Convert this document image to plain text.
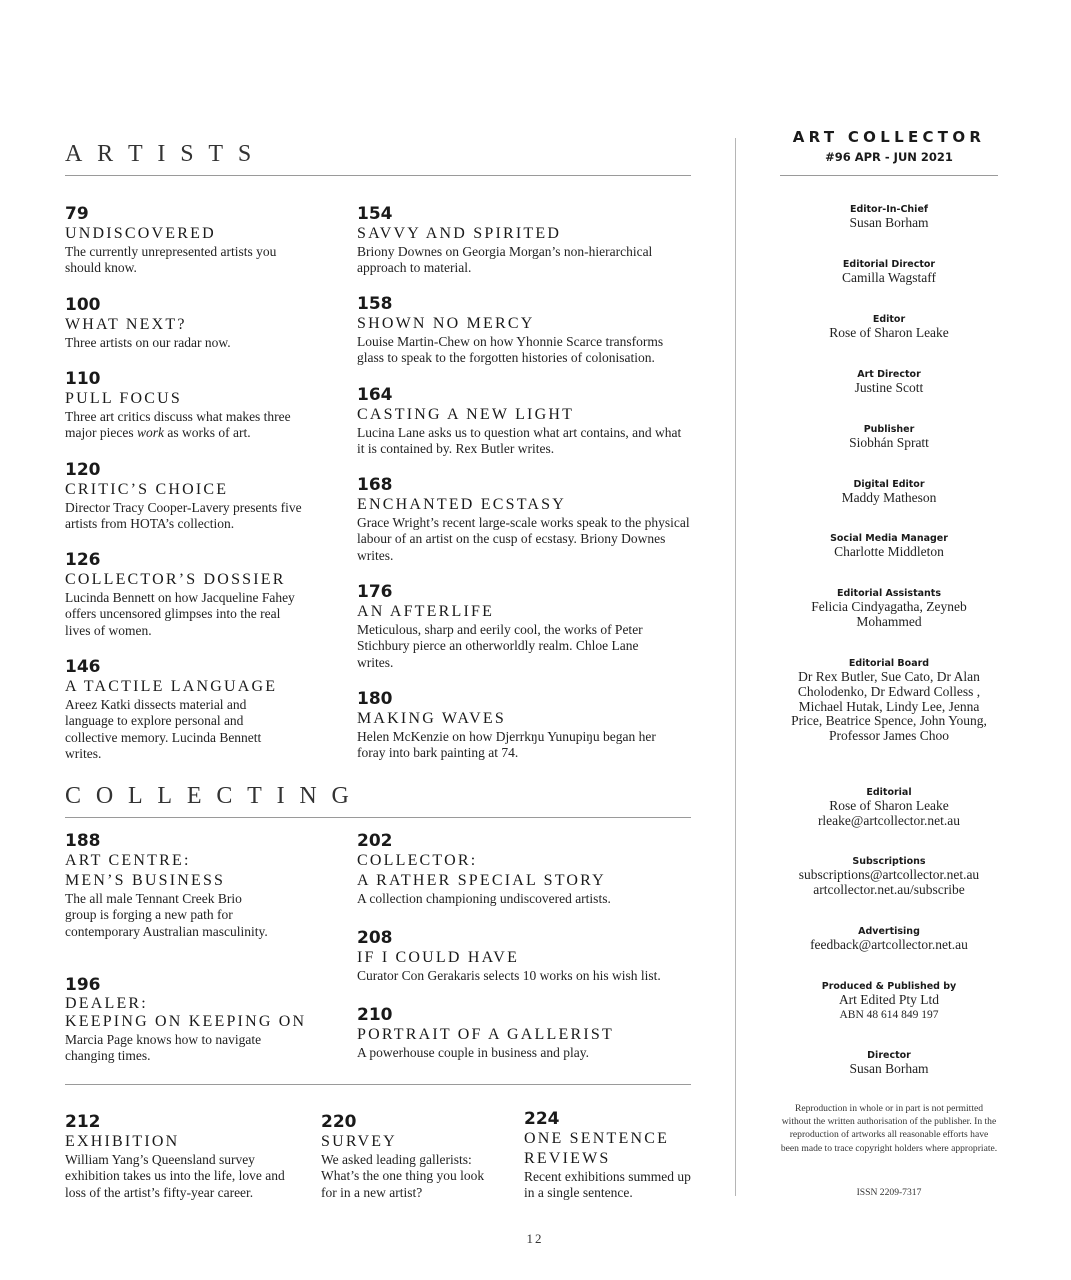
A R T I S T S
79
UNDISCOVERED
The currently unrepresented artists you should know.
100
WHAT NEXT?
Three artists on our radar now.
110
PULL FOCUS
Three art critics discuss what makes three major pieces work as works of art.
120
CRITIC’S CHOICE
Director Tracy Cooper-Lavery presents five artists from HOTA’s collection.
126
COLLECTOR’S DOSSIER
Lucinda Bennett on how Jacqueline Fahey offers uncensored glimpses into the real lives of women.
146
A TACTILE LANGUAGE
Areez Katki dissects material and language to explore personal and collective memory. Lucinda Bennett writes.
154
SAVVY AND SPIRITED
Briony Downes on Georgia Morgan’s non-hierarchical approach to material.
158
SHOWN NO MERCY
Louise Martin-Chew on how Yhonnie Scarce transforms glass to speak to the forgotten histories of colonisation.
164
CASTING A NEW LIGHT
Lucina Lane asks us to question what art contains, and what it is contained by. Rex Butler writes.
168
ENCHANTED ECSTASY
Grace Wright’s recent large-scale works speak to the physical labour of an artist on the cusp of ecstasy. Briony Downes writes.
176
AN AFTERLIFE
Meticulous, sharp and eerily cool, the works of Peter Stichbury pierce an otherworldly realm. Chloe Lane writes.
180
MAKING WAVES
Helen McKenzie on how Djerrkŋu Yunupiŋu began her foray into bark painting at 74.
C O L L E C T I N G
188
ART CENTRE:
MEN’S BUSINESS
The all male Tennant Creek Brio group is forging a new path for contemporary Australian masculinity.
196
DEALER:
KEEPING ON KEEPING ON
Marcia Page knows how to navigate changing times.
202
COLLECTOR:
A RATHER SPECIAL STORY
A collection championing undiscovered artists.
208
IF I COULD HAVE
Curator Con Gerakaris selects 10 works on his wish list.
210
PORTRAIT OF A GALLERIST
A powerhouse couple in business and play.
212
EXHIBITION
William Yang’s Queensland survey exhibition takes us into the life, love and loss of the artist’s fifty-year career.
220
SURVEY
We asked leading gallerists: What’s the one thing you look for in a new artist?
224
ONE SENTENCE
REVIEWS
Recent exhibitions summed up in a single sentence.
ART COLLECTOR
#96 APR - JUN 2021
Editor-In-Chief
Susan Borham
Editorial Director
Camilla Wagstaff
Editor
Rose of Sharon Leake
Art Director
Justine Scott
Publisher
Siobhán Spratt
Digital Editor
Maddy Matheson
Social Media Manager
Charlotte Middleton
Editorial Assistants
Felicia Cindyagatha, Zeyneb Mohammed
Editorial Board
Dr Rex Butler, Sue Cato, Dr Alan Cholodenko, Dr Edward Colless , Michael Hutak, Lindy Lee, Jenna Price, Beatrice Spence, John Young, Professor James Choo
Editorial
Rose of Sharon Leake
rleake@artcollector.net.au
Subscriptions
subscriptions@artcollector.net.au
artcollector.net.au/subscribe
Advertising
feedback@artcollector.net.au
Produced & Published by
Art Edited Pty Ltd
ABN 48 614 849 197
Director
Susan Borham
Reproduction in whole or in part is not permitted without the written authorisation of the publisher. In the reproduction of artworks all reasonable efforts have been made to trace copyright holders where appropriate.
ISSN 2209-7317
12
